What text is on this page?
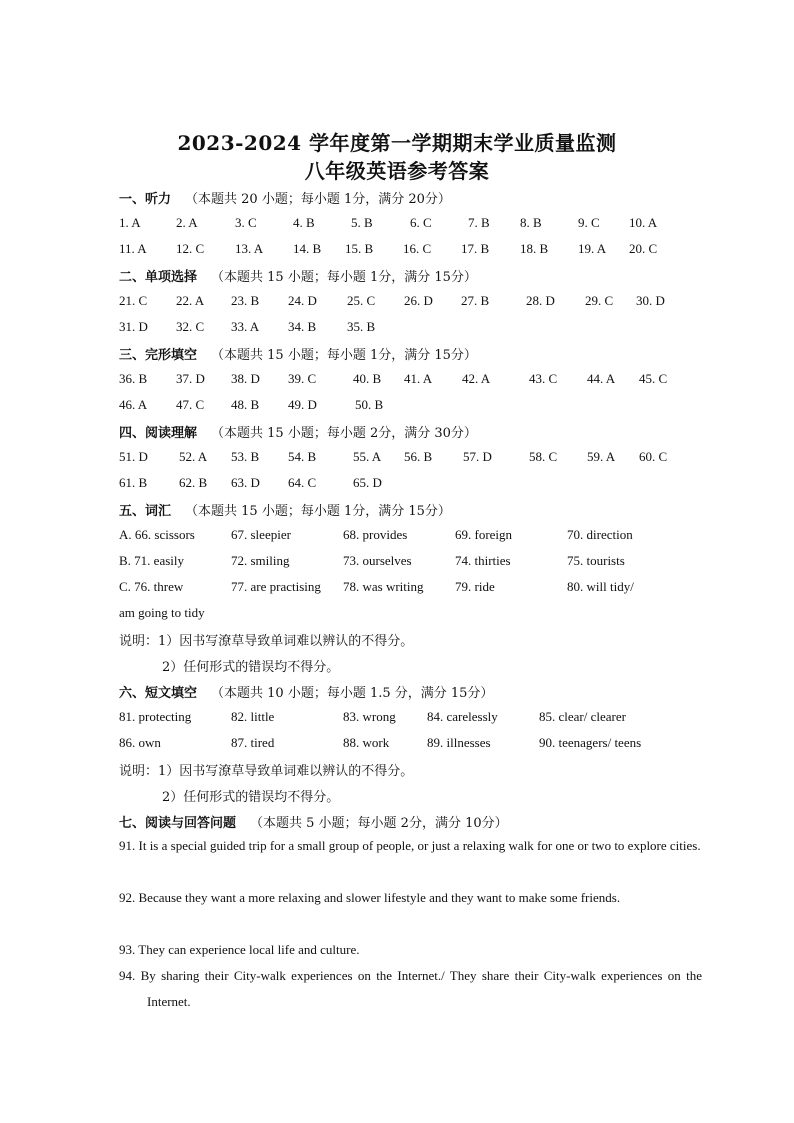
2023-2024 学年度第一学期期末学业质量监测
八年级英语参考答案
一、听力 （本题共 20 小题；每小题 1分，满分 20分）
1. A	2. A	3. C	4. B	5. B	6. C	7. B 8. B	9. C 10. A
11. A 12. C 13. A 14. B 15. B 16. C 17. B 18. B 19. A 20. C
二、单项选择 （本题共 15 小题；每小题 1分，满分 15分）
21. C 22. A 23. B 24. D 25. C 26. D 27. B	28. D 29. C 30. D
31. D 32. C 33. A 34. B 35. B
三、完形填空 （本题共 15 小题；每小题 1分，满分 15分）
36. B 37. D 38. D 39. C	40. B 41. A 42. A	43. C 44. A 45. C
46. A 47. C 48. B 49. D	50. B
四、阅读理解 （本题共 15 小题；每小题 2分，满分 30分）
51. D 52. A 53. B 54. B	55. A 56. B 57. D	58. C 59. A 60. C
61. B 62. B 63. D 64. C	65. D
五、词汇 （本题共 15 小题；每小题 1分，满分 15分）
A. 66. scissors	67. sleepier	68. provides	69. foreign	70. direction
B. 71. easily	72. smiling	73. ourselves	74. thirties	75. tourists
C. 76. threw	77. are practising 78. was writing 79. ride	80. will tidy/
am going to tidy
说明：1）因书写潦草导致单词难以辨认的不得分。
2）任何形式的错误均不得分。
六、短文填空 （本题共 10 小题；每小题 1.5 分，满分 15分）
81. protecting	82. little	83. wrong 84. carelessly	85. clear/ clearer
86. own	87. tired	88. work	89. illnesses	90. teenagers/ teens
说明：1）因书写潦草导致单词难以辨认的不得分。
2）任何形式的错误均不得分。
七、阅读与回答问题 （本题共 5 小题；每小题 2分，满分 10分）
91. It is a special guided trip for a small group of people, or just a relaxing walk for one or two to explore cities.
92. Because they want a more relaxing and slower lifestyle and they want to make some friends.
93. They can experience local life and culture.
94. By sharing their City-walk experiences on the Internet./ They share their City-walk experiences on the Internet.
